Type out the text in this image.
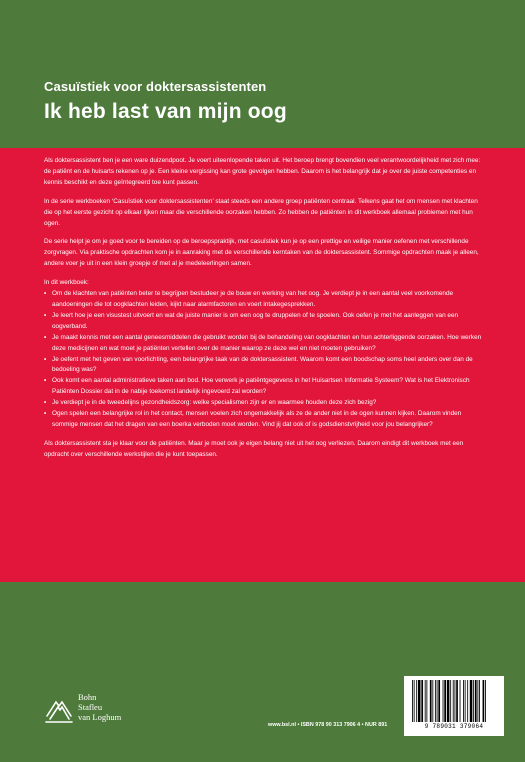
Casuïstiek voor doktersassistenten
Ik heb last van mijn oog

Als doktersassistent ben je een ware duizendpoot. Je voert uiteenlopende taken uit. Het beroep brengt bovendien veel verantwoordelijkheid met zich mee: de patiënt en de huisarts rekenen op je. Een kleine vergissing kan grote gevolgen hebben. Daarom is het belangrijk dat je over de juiste competenties en kennis beschikt en deze geïntegreerd toe kunt passen.

In de serie werkboeken ‘Casuïstiek voor doktersassistenten’ staat steeds een andere groep patiënten centraal. Telkens gaat het om mensen met klachten die op het eerste gezicht op elkaar lijken maar die verschillende oorzaken hebben. Zo hebben de patiënten in dit werkboek allemaal problemen met hun ogen.

De serie helpt je om je goed voor te bereiden op de beroepspraktijk, met casuïstiek kun je op een prettige en veilige manier oefenen met verschillende zorgvragen. Via praktische opdrachten kom je in aanraking met de verschillende kerntaken van de doktersassistent. Sommige opdrachten maak je alleen, andere voer je uit in een klein groepje of met al je medeleerlingen samen.

In dit werkboek:

• Om de klachten van patiënten beter te begrijpen bestudeer je de bouw en werking van het oog. Je verdiept je in een aantal veel voorkomende aandoeningen die tot oogklachten leiden, kijkt naar alarmfactoren en voert intakegesprekken.
• Je leert hoe je een visustest uitvoert en wat de juiste manier is om een oog te druppelen of te spoelen. Ook oefen je met het aanleggen van een oogverband.
• Je maakt kennis met een aantal geneesmiddelen die gebruikt worden bij de behandeling van oogklachten en hun achterliggende oorzaken. Hoe werken deze medicijnen en wat moet je patiënten vertellen over de manier waarop ze deze wel en niet moeten gebruiken?
• Je oefent met het geven van voorlichting, een belangrijke taak van de doktersassistent. Waarom komt een boodschap soms heel anders over dan de bedoeling was?
• Ook komt een aantal administratieve taken aan bod. Hoe verwerk je patiëntgegevens in het Huisartsen Informatie Systeem? Wat is het Elektronisch Patiënten Dossier dat in de nabije toekomst landelijk ingevoerd zal worden?
• Je verdiept je in de tweedelijns gezondheidszorg: welke specialismen zijn er en waarmee houden deze zich bezig?
• Ogen spelen een belangrijke rol in het contact, mensen voelen zich ongemakkelijk als ze de ander niet in de ogen kunnen kijken. Daarom vinden sommige mensen dat het dragen van een boerka verboden moet worden. Vind jij dat ook of is godsdienstvrijheid voor jou belangrijker?

Als doktersassistent sta je klaar voor de patiënten. Maar je moet ook je eigen belang niet uit het oog verliezen. Daarom eindigt dit werkboek met een opdracht over verschillende werkstijlen die je kunt toepassen.

Bohn
Stafleu
van Loghum
www.bsl.nl • ISBN 978 90 313 7906 4 • NUR 891	9 789031 379064
